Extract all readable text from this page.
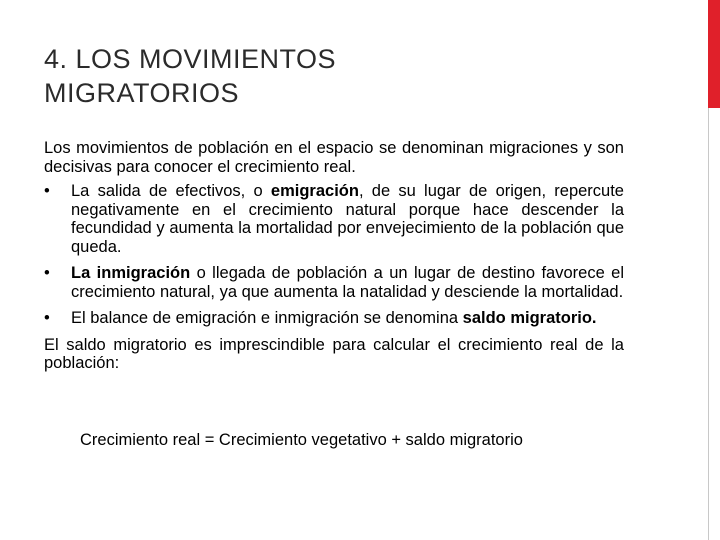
4. LOS MOVIMIENTOS
MIGRATORIOS

Los movimientos de población en el espacio se denominan migraciones y son decisivas para conocer el crecimiento real.

• La salida de efectivos, o emigración, de su lugar de origen, repercute negativamente en el crecimiento natural porque hace descender la fecundidad y aumenta la mortalidad por envejecimiento de la población que queda.
• La inmigración o llegada de población a un lugar de destino favorece el crecimiento natural, ya que aumenta la natalidad y desciende la mortalidad.
• El balance de emigración e inmigración se denomina saldo migratorio.

El saldo migratorio es imprescindible para calcular el crecimiento real de la población:

Crecimiento real = Crecimiento vegetativo + saldo migratorio
